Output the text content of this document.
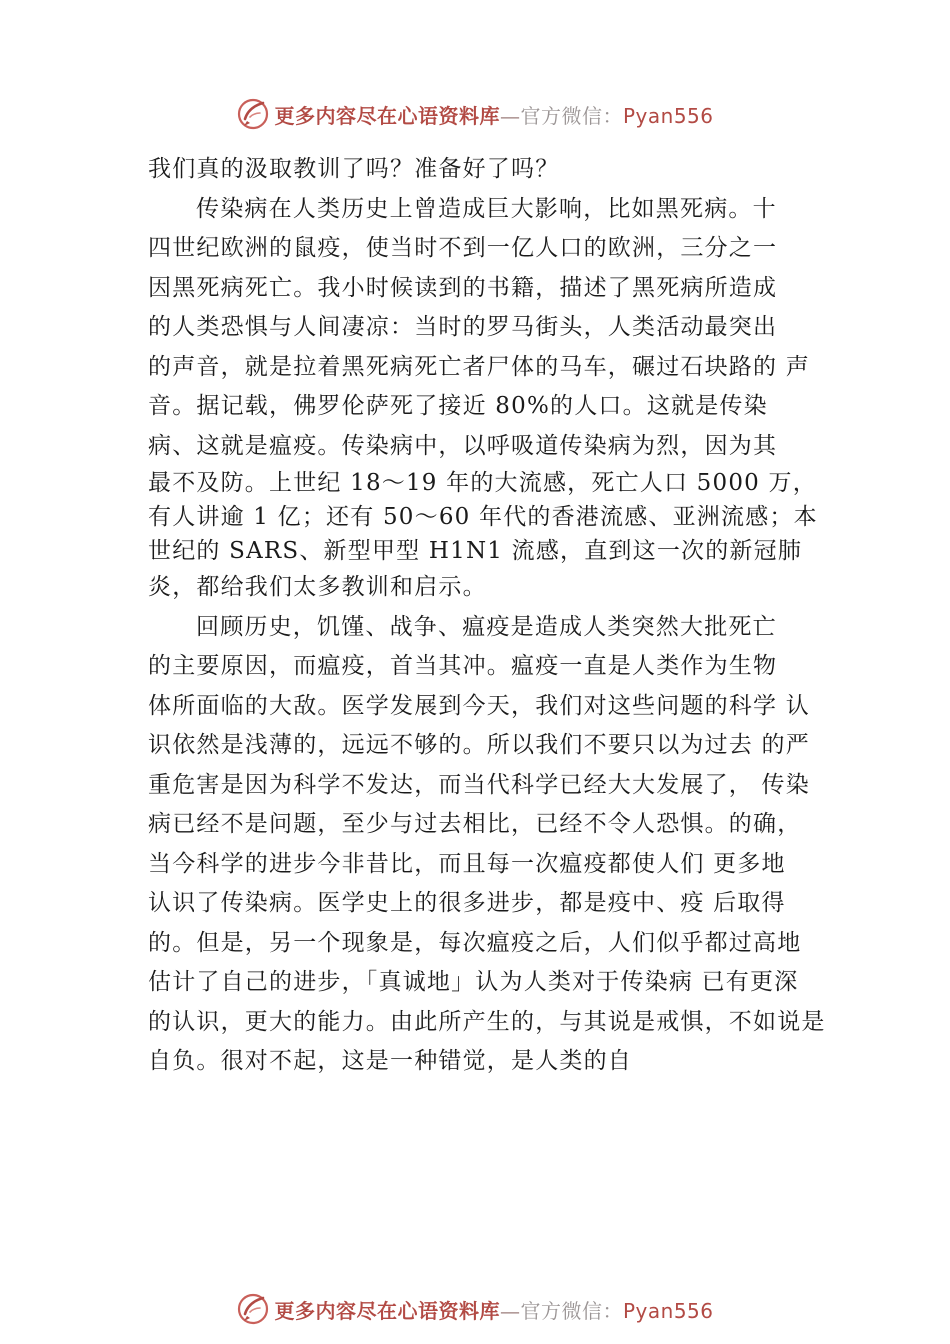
更多内容尽在心语资料库—官方微信：Pyan556
我们真的汲取教训了吗？准备好了吗？
传染病在人类历史上曾造成巨大影响，比如黑死病。十
四世纪欧洲的鼠疫，使当时不到一亿人口的欧洲，三分之一
因黑死病死亡。我小时候读到的书籍，描述了黑死病所造成
的人类恐惧与人间凄凉：当时的罗马街头，人类活动最突出
的声音，就是拉着黑死病死亡者尸体的马车，碾过石块路的 声
音。据记载，佛罗伦萨死了接近 80%的人口。这就是传染
病、这就是瘟疫。传染病中，以呼吸道传染病为烈，因为其
最不及防。上世纪 18〜19 年的大流感，死亡人口 5000 万，
有人讲逾 1 亿；还有 50〜60 年代的香港流感、亚洲流感；本
世纪的 SARS、新型甲型 H1N1 流感，直到这一次的新冠肺
炎，都给我们太多教训和启示。
回顾历史，饥馑、战争、瘟疫是造成人类突然大批死亡
的主要原因，而瘟疫，首当其冲。瘟疫一直是人类作为生物
体所面临的大敌。医学发展到今天，我们对这些问题的科学 认
识依然是浅薄的，远远不够的。所以我们不要只以为过去 的严
重危害是因为科学不发达，而当代科学已经大大发展了， 传染
病已经不是问题，至少与过去相比，已经不令人恐惧。的确，
当今科学的进步今非昔比，而且每一次瘟疫都使人们 更多地
认识了传染病。医学史上的很多进步，都是疫中、疫 后取得
的。但是，另一个现象是，每次瘟疫之后，人们似乎都过高地
估计了自己的进步，「真诚地」认为人类对于传染病 已有更深
的认识，更大的能力。由此所产生的，与其说是戒惧，不如说是
自负。很对不起，这是一种错觉，是人类的自
更多内容尽在心语资料库—官方微信：Pyan556
